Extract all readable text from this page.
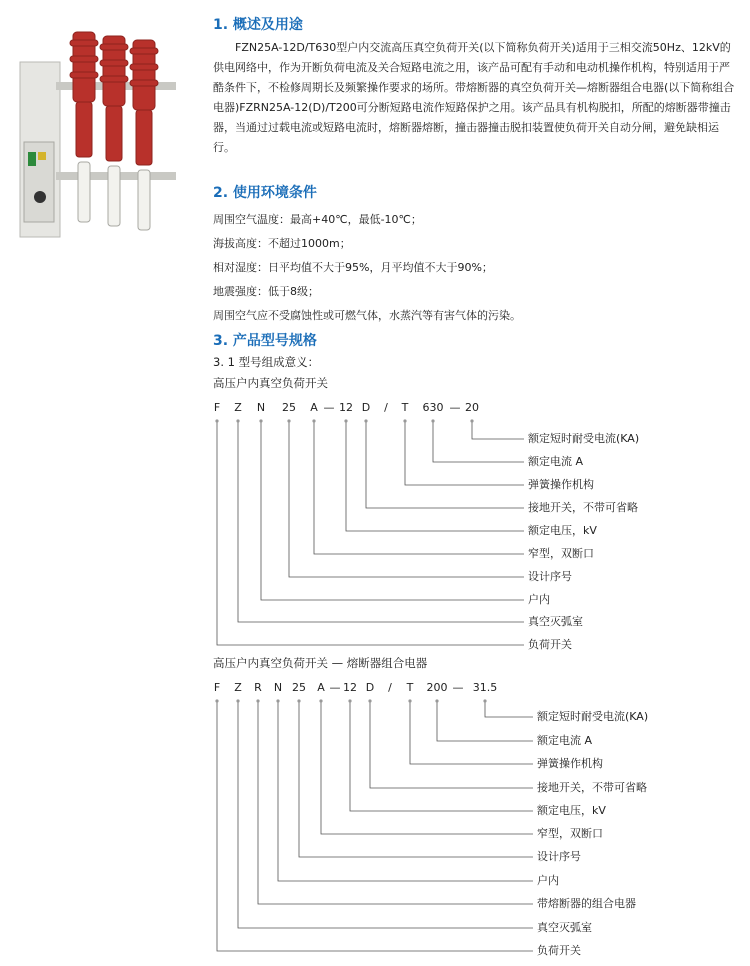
1. 概述及用途

FZN25A-12D/T630型户内交流高压真空负荷开关(以下简称负荷开关)适用于三相交流50Hz、12kV的供电网络中，作为开断负荷电流及关合短路电流之用，该产品可配有手动和电动机操作机构，特别适用于严酷条件下，不检修周期长及频繁操作要求的场所。带熔断器的真空负荷开关—熔断器组合电器(以下简称组合电器)FZRN25A-12(D)/T200可分断短路电流作短路保护之用。该产品具有机构脱扣，所配的熔断器带撞击器，当通过过载电流或短路电流时，熔断器熔断，撞击器撞击脱扣装置使负荷开关自动分闸，避免缺相运行。

2. 使用环境条件

周围空气温度：最高+40℃，最低-10℃；

海拔高度：不超过1000m；

相对湿度：日平均值不大于95%，月平均值不大于90%；

地震强度：低于8级；

周围空气应不受腐蚀性或可燃气体，水蒸汽等有害气体的污染。

3. 产品型号规格

3. 1 型号组成意义：

高压户内真空负荷开关

F Z N 25 A — 12 D / T 630 — 20
额定短时耐受电流(KA)
额定电流 A
弹簧操作机构
接地开关，不带可省略
额定电压，kV
窄型，双断口
设计序号
户内
真空灭弧室
负荷开关

高压户内真空负荷开关 — 熔断器组合电器

F Z R N 25 A — 12 D / T 200 — 31.5
额定短时耐受电流(KA)
额定电流 A
弹簧操作机构
接地开关，不带可省略
额定电压，kV
窄型，双断口
设计序号
户内
带熔断器的组合电器
真空灭弧室
负荷开关
